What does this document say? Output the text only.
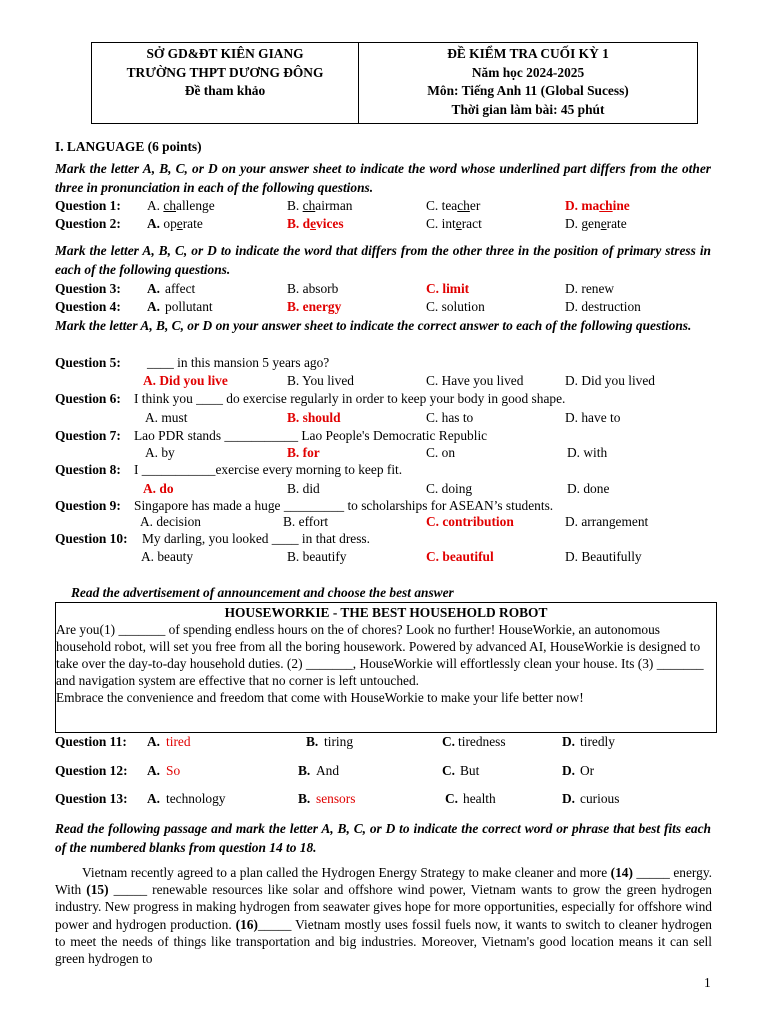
SỞ GD&ĐT KIÊN GIANG
TRƯỜNG THPT DƯƠNG ĐÔNG
Đề tham khảo
ĐỀ KIỂM TRA CUỐI KỲ 1
Năm học 2024-2025
Môn: Tiếng Anh 11 (Global Sucess)
Thời gian làm bài: 45 phút
I. LANGUAGE (6 points)
Mark the letter A, B, C, or D on your answer sheet to indicate the word whose underlined part differs from the other three in pronunciation in each of the following questions.
Question 1: A. challenge	B. chairman	C. teacher	D. machine
Question 2: A. operate	B. devices	C. interact	D. generate
Mark the letter A, B, C, or D to indicate the word that differs from the other three in the position of primary stress in each of the following questions.
Question 3: A. affect	B. absorb	C. limit	D. renew
Question 4: A. pollutant	B. energy	C. solution	D. destruction
Mark the letter A, B, C, or D on your answer sheet to indicate the correct answer to each of the following questions.
Question 5: ____ in this mansion 5 years ago?
A. Did you live	B. You lived	C. Have you lived	D. Did you lived
Question 6: I think you ____ do exercise regularly in order to keep your body in good shape.
A. must	B. should	C. has to	D. have to
Question 7: Lao PDR stands ___________ Lao People's Democratic Republic
A. by	B. for	C. on	D. with
Question 8: I ___________exercise every morning to keep fit.
A. do	B. did	C. doing	D. done
Question 9: Singapore has made a huge _________ to scholarships for ASEAN’s students.
A. decision	B. effort	C. contribution	D. arrangement
Question 10: My darling, you looked ____ in that dress.
A. beauty	B. beautify	C. beautiful	D. Beautifully
Read the advertisement of announcement and choose the best answer
HOUSEWORKIE - THE BEST HOUSEHOLD ROBOT

Are you(1) _______ of spending endless hours on the of chores? Look no further! HouseWorkie, an autonomous household robot, will set you free from all the boring housework. Powered by advanced AI, HouseWorkie is designed to take over the day-to-day household duties. (2) _______, HouseWorkie will effortlessly clean your house. Its (3) _______ and navigation system are effective that no corner is left untouched.

Embrace the convenience and freedom that come with HouseWorkie to make your life better now!

Question 11: A. tired	B. tiring	C. tiredness	D. tiredly
Question 12: A. So	B. And	C. But	D. Or
Question 13: A. technology	B. sensors	C. health	D. curious
Read the following passage and mark the letter A, B, C, or D to indicate the correct word or phrase that best fits each of the numbered blanks from question 14 to 18.

Vietnam recently agreed to a plan called the Hydrogen Energy Strategy to make cleaner and more (14) _____ energy. With (15) _____ renewable resources like solar and offshore wind power, Vietnam wants to grow the green hydrogen industry. New progress in making hydrogen from seawater gives hope for more opportunities, especially for offshore wind power and hydrogen production. (16)_____ Vietnam mostly uses fossil fuels now, it wants to switch to cleaner hydrogen to meet the needs of things like transportation and big industries. Moreover, Vietnam's good location means it can sell green hydrogen to

1
